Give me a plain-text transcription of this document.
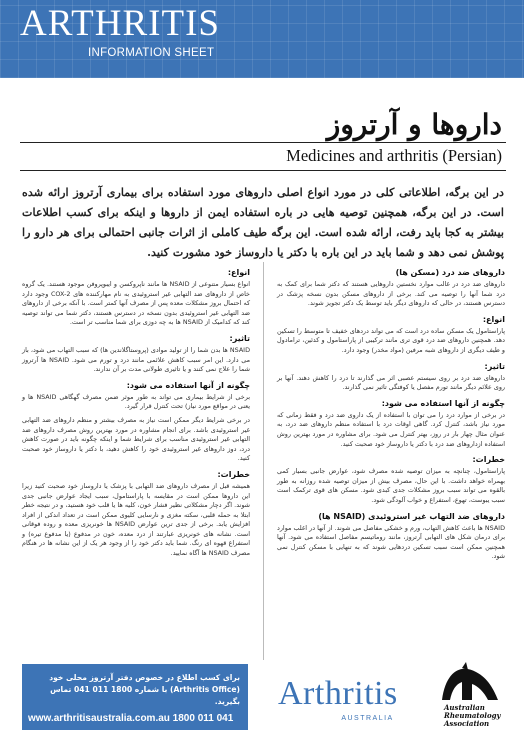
ARTHRITIS
INFORMATION SHEET
داروها و آرتروز
Medicines and arthritis (Persian)
در این برگه، اطلاعاتی کلی در مورد انواع اصلی داروهای مورد استفاده برای بیماری آرتروز ارائه شده است. در این برگه، همچنین توصیه هایی در باره استفاده ایمن از داروها و اینکه برای کسب اطلاعات بیشتر به کجا باید رفت، ارائه شده است. این برگه طیف کاملی از اثرات جانبی احتمالی برای هر دارو را پوشش نمی دهد و شما باید در این باره با دکتر یا داروساز خود مشورت کنید.
داروهای ضد درد (مسکن ها)

داروهای ضد درد در غالب موارد نخستین داروهایی هستند که دکتر شما برای کمک به درد شما آنها را توصیه می کند. برخی از داروهای مسکن بدون نسخه پزشک در دسترس هستند، در حالی که داروهای دیگر باید توسط یک دکتر تجویز شوند.

انواع:

پاراستامول یک مسکن ساده درد است که می تواند دردهای خفیف تا متوسط را تسکین دهد. همچنین داروهای ضد درد قوی تری مانند ترکیبی از پاراستامول و کدئین، ترامادول و طیف دیگری از داروهای شبه مرفین (مواد مخدر) وجود دارد.

تاثیر:

داروهای ضد درد بر روی سیستم عصبی اثر می گذارند تا درد را کاهش دهند. آنها بر روی علائم دیگر مانند تورم مفصل یا کوفتگی تاثیر نمی گذارند.

چگونه از آنها استفاده می شود:

در برخی از موارد درد را می توان با استفاده از یک داروی ضد درد و فقط زمانی که مورد نیاز باشد، کنترل کرد. گاهی اوقات درد با استفاده منظم داروهای ضد درد، به عنوان مثال چهار بار در روز، بهتر کنترل می شود. برای مشاوره در مورد بهترین روش استفاده ازداروهای ضد درد با دکتر یا داروساز خود صحبت کنید.

خطرات:

پاراستامول، چنانچه به میزان توصیه شده مصرف شود، عوارض جانبی بسیار کمی بهمراه خواهد داشت. با این حال، مصرف بیش از میزان توصیه شده روزانه به طور بالقوه می تواند سبب بروز مشکلات جدی کبدی شود. مسکن های قوی ترکمک است سبب یبوست، تهوع، استفراغ و خواب آلودگی شود.

داروهای ضد التهاب غیر استروئیدی (NSAID ها)

NSAID ها باعث کاهش التهاب، ورم و خشکی مفاصل می شوند. از آنها در اغلب موارد برای درمان شکل های التهابی آرتروز، مانند روماتیسم مفاصل استفاده می شود. آنها همچنین ممکن است سبب تسکین دردهایی شوند که به تنهایی با مسکن کنترل نمی شود.

انواع:

انواع بسیار متنوعی از NSAID ها مانند ناپروکسن و ایبوپروفن موجود هستند. یک گروه خاص از داروهای ضد التهابی غیر استروئیدی به نام مهارکننده های COX-2 وجود دارد که احتمال بروز مشکلات معده پس از مصرف آنها کمتر است. با آنکه برخی از داروهای ضد التهابی غیر استروئیدی بدون نسخه در دسترس هستند، دکتر شما می تواند توصیه کند که کدامیک از NSAID ها به چه دوزی برای شما مناسب تر است.

تاثیر:

NSAID ها بدن شما را از تولید موادی (پروستاگلاندین ها) که سبب التهاب می شود، باز می دارد. این امر سبب کاهش علائمی مانند درد و تورم می شود. NSAID ها آرتروز شما را علاج نمی کنند و یا تاثیری طولانی مدت بر آن ندارند.

چگونه از آنها استفاده می شود:

برخی از شرایط بیماری می تواند به طور موثر ضمن مصرف گهگاهی NSAID ها و یعنی در مواقع مورد نیاز) تحت کنترل قرار گیرد.

در برخی شرایط دیگر ممکن است نیاز به مصرف بیشتر و منظم داروهای ضد التهابی غیر استروئیدی باشد. برای انجام مشاوره در مورد بهترین روش مصرف داروهای ضد التهابی غیر استروئیدی مناسب برای شرایط شما و اینکه چگونه باید در صورت کاهش درد، دوز داروهای غیر استروئیدی خود را کاهش دهید، با دکتر یا داروساز خود صحبت کنید.

خطرات:

همیشه قبل از مصرف داروهای ضد التهابی با پزشک یا داروساز خود صحبت کنید زیرا این داروها ممکن است در مقایسه با پاراستامول، سبب ایجاد عوارض جانبی جدی شوند. اگر دچار مشکلاتی نظیر فشار خون، کلیه ها یا قلب خود هستید، و در نتیجه خطر ابتلا به حمله قلبی، سکته مغزی و نارسایی کلیوی ممکن است در تعداد اندکی از افراد افزایش یابد. برخی از جدی ترین عوارض NSAID ها خونریزی معده و روده فوقانی است. نشانه های خونریزی عبارتند از درد معده، خون در مدفوع (یا مدفوع تیره) و استفراغ قهوه ای رنگ. شما باید دکتر خود را از وجود هر یک از این نشانه ها در هنگام مصرف NSAID ها آگاه نمایید.

برای کسب اطلاع در خصوص دفتر آرتروز محلی خود (Arthritis Office) با شماره 1800 011 041 تماس بگیرید.
www.arthritisaustralia.com.au 1800 011 041
Arthritis
AUSTRALIA
Australian
Rheumatology
Association
